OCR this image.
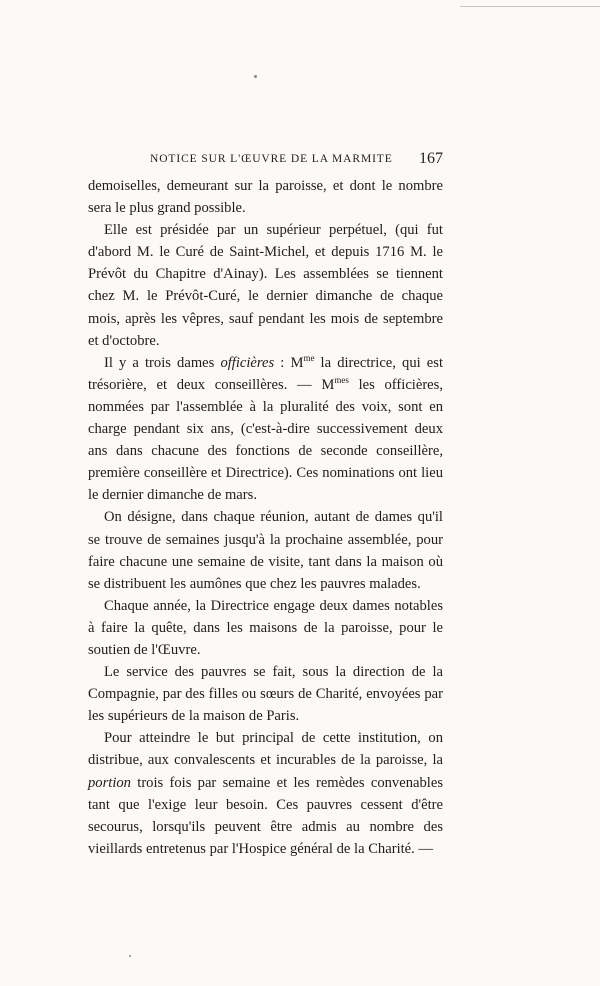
NOTICE SUR L'ŒUVRE DE LA MARMITE 167

demoiselles, demeurant sur la paroisse, et dont le nombre sera le plus grand possible.

Elle est présidée par un supérieur perpétuel, (qui fut d'abord M. le Curé de Saint-Michel, et depuis 1716 M. le Prévôt du Chapitre d'Ainay). Les assemblées se tiennent chez M. le Prévôt-Curé, le dernier dimanche de chaque mois, après les vêpres, sauf pendant les mois de septembre et d'octobre.

Il y a trois dames officières : $M^{me}$ la directrice, qui est trésorière, et deux conseillères. — $M^{mes}$ les officières, nommées par l'assemblée à la pluralité des voix, sont en charge pendant six ans, (c'est-à-dire successivement deux ans dans chacune des fonctions de seconde conseillère, première conseillère et Directrice). Ces nominations ont lieu le dernier dimanche de mars.

On désigne, dans chaque réunion, autant de dames qu'il se trouve de semaines jusqu'à la prochaine assemblée, pour faire chacune une semaine de visite, tant dans la maison où se distribuent les aumônes que chez les pauvres malades.

Chaque année, la Directrice engage deux dames notables à faire la quête, dans les maisons de la paroisse, pour le soutien de l'Œuvre.

Le service des pauvres se fait, sous la direction de la Compagnie, par des filles ou sœurs de Charité, envoyées par les supérieurs de la maison de Paris.

Pour atteindre le but principal de cette institution, on distribue, aux convalescents et incurables de la paroisse, la portion trois fois par semaine et les remèdes convenables tant que l'exige leur besoin. Ces pauvres cessent d'être secourus, lorsqu'ils peuvent être admis au nombre des vieillards entretenus par l'Hospice général de la Charité. —
